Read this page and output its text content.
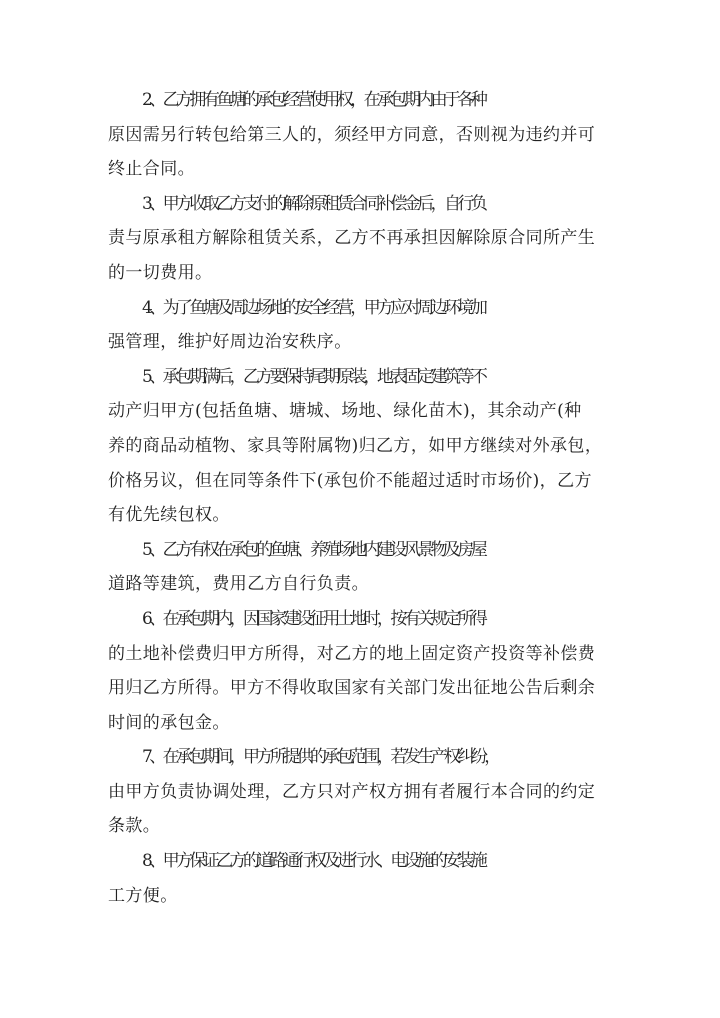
2、乙方拥有鱼塘的承包经营使用权，在承包期内由于各种
原因需另行转包给第三人的，须经甲方同意，否则视为违约并可
终止合同。
3、甲方收取乙方支付的解除原租赁合同补偿金后，自行负
责与原承租方解除租赁关系，乙方不再承担因解除原合同所产生
的一切费用。
4、为了鱼塘及周边场地的安全经营，甲方应对周边环境加
强管理，维护好周边治安秩序。
5、承包期满后，乙方要保持尾期原装，地表固定建筑等不
动产归甲方(包括鱼塘、塘城、场地、绿化苗木)，其余动产(种
养的商品动植物、家具等附属物)归乙方，如甲方继续对外承包，
价格另议，但在同等条件下(承包价不能超过适时市场价)，乙方
有优先续包权。
5、乙方有权在承包的鱼塘、养殖场地内建设风景物及房屋
道路等建筑，费用乙方自行负责。
6、在承包期内，因国家建设征用土地时，按有关规定所得
的土地补偿费归甲方所得，对乙方的地上固定资产投资等补偿费
用归乙方所得。甲方不得收取国家有关部门发出征地公告后剩余
时间的承包金。
7、在承包期间，甲方所提供的承包范围，若发生产权纠纷，
由甲方负责协调处理，乙方只对产权方拥有者履行本合同的约定
条款。
8、甲方保证乙方的道路通行权及进行水、电设施的安装施
工方便。
